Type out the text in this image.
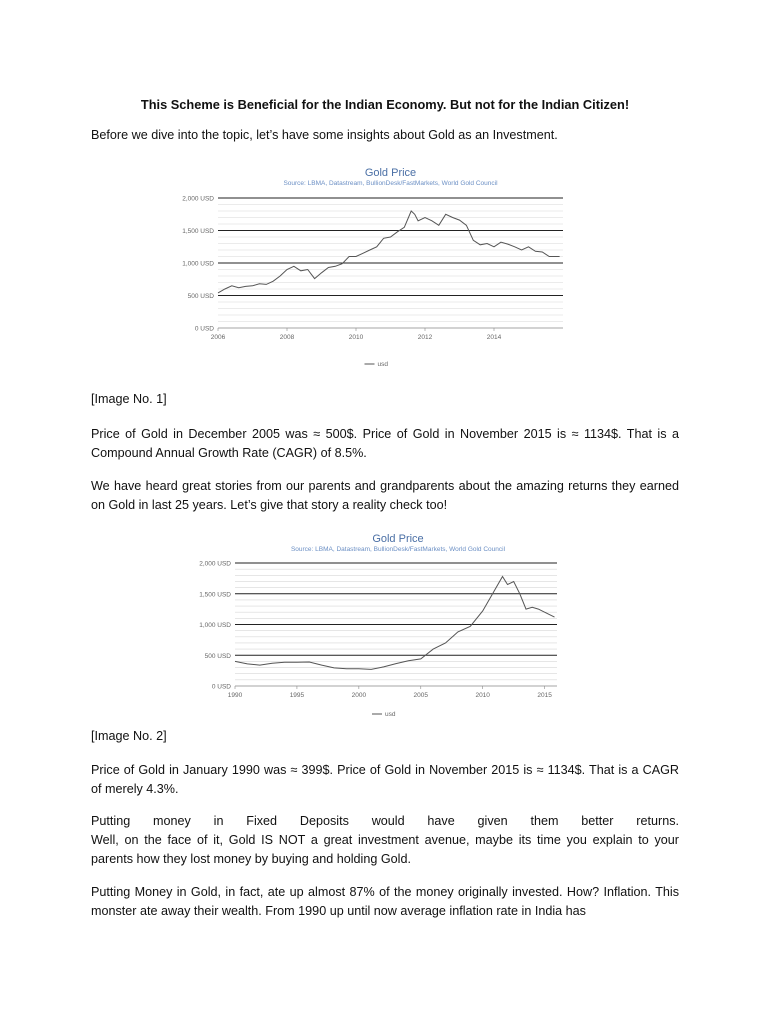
This Scheme is Beneficial for the Indian Economy. But not for the Indian Citizen!

Before we dive into the topic, let’s have some insights about Gold as an Investment.

Gold Price
Source: LBMA, Datastream, BullionDesk/FastMarkets, World Gold Council
2,000 USD
1,500 USD
1,000 USD
500 USD
0 USD
2006	2008	2010	2012	2014
usd

[Image No. 1]

Price of Gold in December 2005 was ≈ 500$. Price of Gold in November 2015 is ≈ 1134$. That is a Compound Annual Growth Rate (CAGR) of 8.5%.

We have heard great stories from our parents and grandparents about the amazing returns they earned on Gold in last 25 years. Let’s give that story a reality check too!

Gold Price
Source: LBMA, Datastream, BullionDesk/FastMarkets, World Gold Council
2,000 USD
1,500 USD
1,000 USD
500 USD
0 USD
1990	1995	2000	2005	2010	2015
usd

[Image No. 2]

Price of Gold in January 1990 was ≈ 399$. Price of Gold in November 2015 is ≈ 1134$. That is a CAGR of merely 4.3%.

Putting money in Fixed Deposits would have given them better returns.

Well, on the face of it, Gold IS NOT a great investment avenue, maybe its time you explain to your parents how they lost money by buying and holding Gold.

Putting Money in Gold, in fact, ate up almost 87% of the money originally invested. How? Inflation. This monster ate away their wealth. From 1990 up until now average inflation rate in India has
